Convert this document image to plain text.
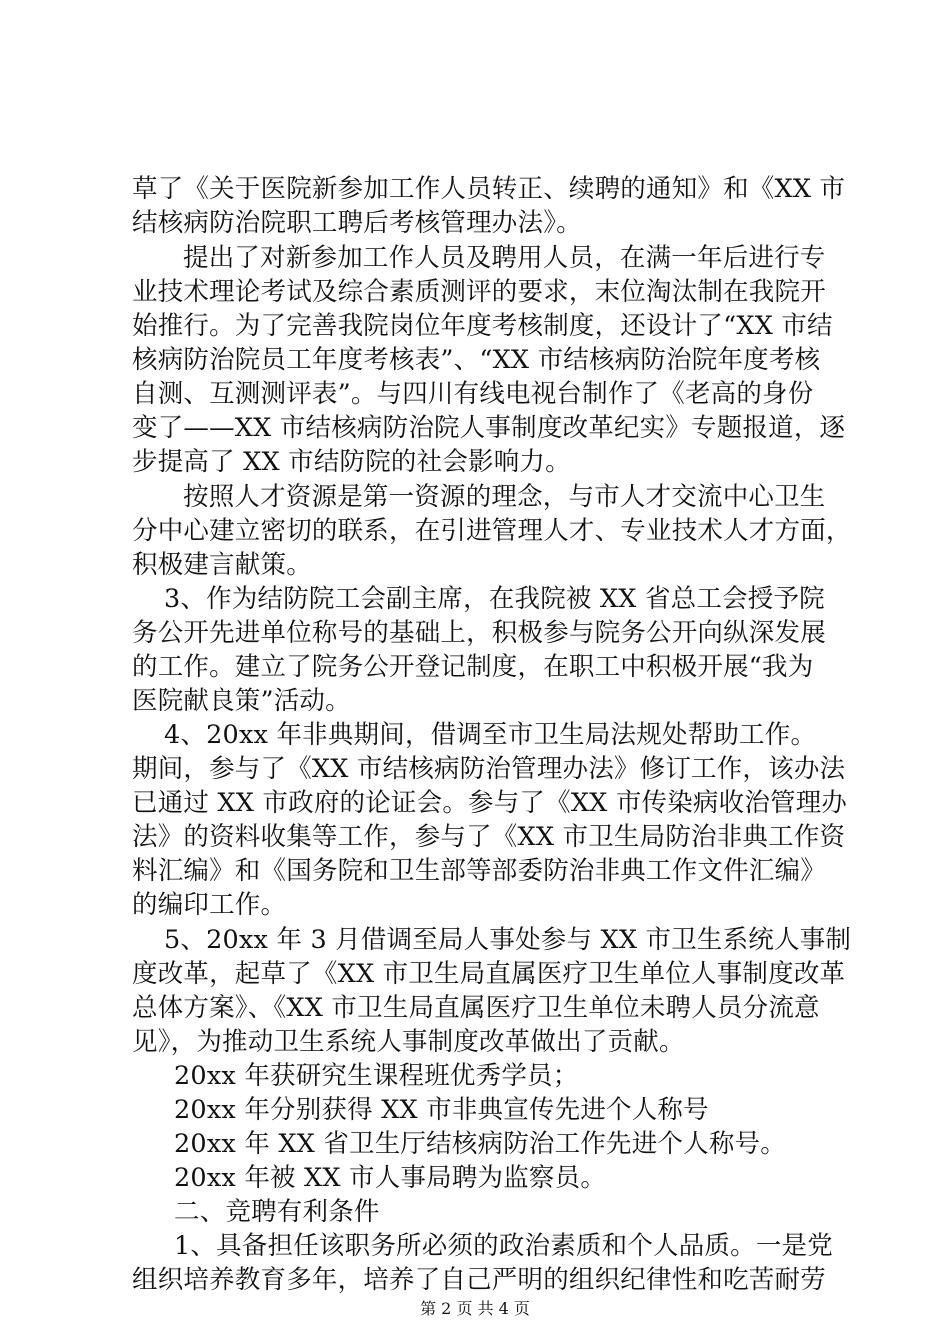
草了《关于医院新参加工作人员转正、续聘的通知》和《XX 市
结核病防治院职工聘后考核管理办法》。
提出了对新参加工作人员及聘用人员，在满一年后进行专
业技术理论考试及综合素质测评的要求，末位淘汰制在我院开
始推行。为了完善我院岗位年度考核制度，还设计了“XX 市结
核病防治院员工年度考核表”、“XX 市结核病防治院年度考核
自测、互测测评表”。与四川有线电视台制作了《老高的身份
变了——XX 市结核病防治院人事制度改革纪实》专题报道，逐
步提高了 XX 市结防院的社会影响力。
按照人才资源是第一资源的理念，与市人才交流中心卫生
分中心建立密切的联系，在引进管理人才、专业技术人才方面，
积极建言献策。
3、作为结防院工会副主席，在我院被 XX 省总工会授予院
务公开先进单位称号的基础上，积极参与院务公开向纵深发展
的工作。建立了院务公开登记制度，在职工中积极开展“我为
医院献良策”活动。
4、20xx 年非典期间，借调至市卫生局法规处帮助工作。
期间，参与了《XX 市结核病防治管理办法》修订工作，该办法
已通过 XX 市政府的论证会。参与了《XX 市传染病收治管理办
法》的资料收集等工作，参与了《XX 市卫生局防治非典工作资
料汇编》和《国务院和卫生部等部委防治非典工作文件汇编》
的编印工作。
5、20xx 年 3 月借调至局人事处参与 XX 市卫生系统人事制
度改革，起草了《XX 市卫生局直属医疗卫生单位人事制度改革
总体方案》、《XX 市卫生局直属医疗卫生单位未聘人员分流意
见》，为推动卫生系统人事制度改革做出了贡献。
20xx 年获研究生课程班优秀学员；
20xx 年分别获得 XX 市非典宣传先进个人称号
20xx 年 XX 省卫生厅结核病防治工作先进个人称号。
20xx 年被 XX 市人事局聘为监察员。
二、竞聘有利条件
1、具备担任该职务所必须的政治素质和个人品质。一是党
组织培养教育多年，培养了自己严明的组织纪律性和吃苦耐劳
第 2 页 共 4 页
